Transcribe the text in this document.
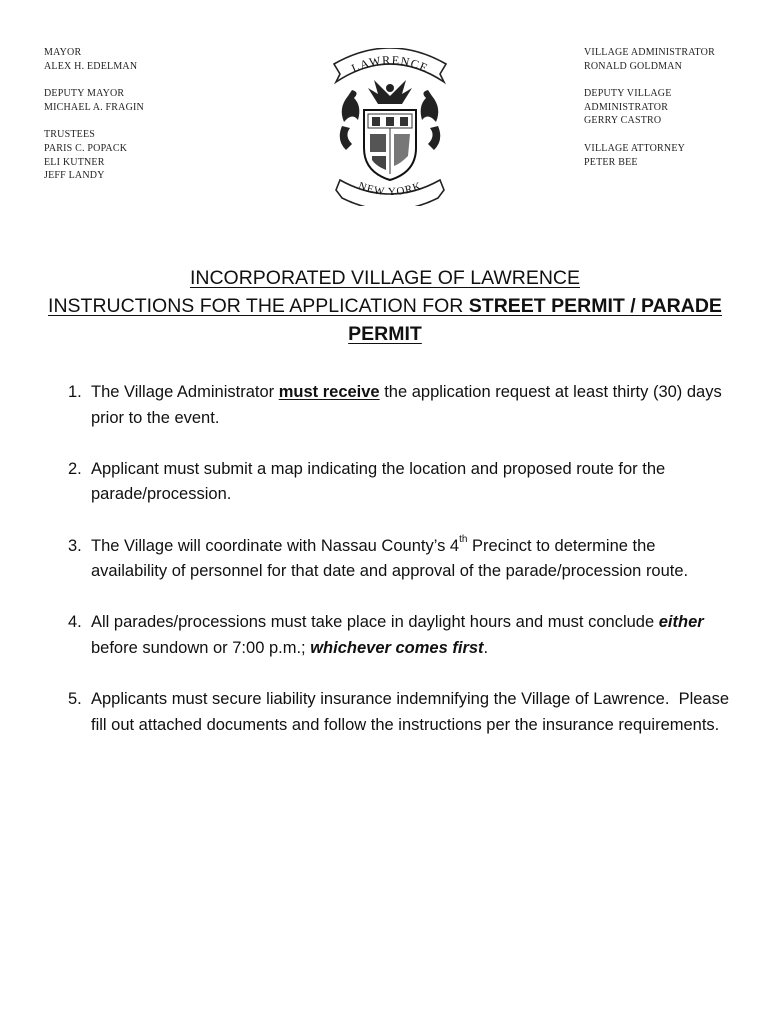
MAYOR
ALEX H. EDELMAN
DEPUTY MAYOR
MICHAEL A. FRAGIN
TRUSTEES
PARIS C. POPACK
ELI KUTNER
JEFF LANDY
VILLAGE ADMINISTRATOR
RONALD GOLDMAN
DEPUTY VILLAGE
ADMINISTRATOR
GERRY CASTRO
VILLAGE ATTORNEY
PETER BEE
LAWRENCE
NEW YORK
INCORPORATED VILLAGE OF LAWRENCE
INSTRUCTIONS FOR THE APPLICATION FOR STREET PERMIT / PARADE
PERMIT
1. The Village Administrator must receive the application request at least thirty (30) days prior to the event.
2. Applicant must submit a map indicating the location and proposed route for the parade/procession.
3. The Village will coordinate with Nassau County’s 4th Precinct to determine the availability of personnel for that date and approval of the parade/procession route.
4. All parades/processions must take place in daylight hours and must conclude either before sundown or 7:00 p.m.; whichever comes first.
5. Applicants must secure liability insurance indemnifying the Village of Lawrence.  Please fill out attached documents and follow the instructions per the insurance requirements.
